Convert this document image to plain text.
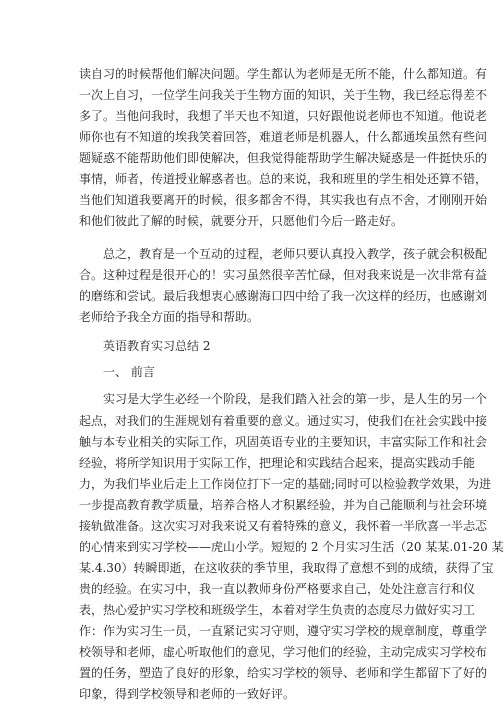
读自习的时候帮他们解决问题。学生都认为老师是无所不能，什么都知道。有
一次上自习，一位学生问我关于生物方面的知识，关于生物，我已经忘得差不
多了。当他问我时，我想了半天也不知道，只好跟他说老师也不知道。他说老
师你也有不知道的埃我笑着回答，难道老师是机器人，什么都通埃虽然有些问
题疑惑不能帮助他们即使解决，但我觉得能帮助学生解决疑惑是一件挺快乐的
事情，师者，传道授业解惑者也。总的来说，我和班里的学生相处还算不错，
当他们知道我要离开的时候，很多都舍不得，其实我也有点不舍，才刚刚开始
和他们彼此了解的时候，就要分开，只愿他们今后一路走好。
总之，教育是一个互动的过程，老师只要认真投入教学，孩子就会积极配
合。这种过程是很开心的！实习虽然很辛苦忙碌，但对我来说是一次非常有益
的磨练和尝试。最后我想衷心感谢海口四中给了我一次这样的经历，也感谢刘
老师给予我全方面的指导和帮助。
英语教育实习总结 2
一、 前言
实习是大学生必经一个阶段，是我们踏入社会的第一步，是人生的另一个
起点，对我们的生涯规划有着重要的意义。通过实习，使我们在社会实践中接
触与本专业相关的实际工作，巩固英语专业的主要知识，丰富实际工作和社会
经验，将所学知识用于实际工作，把理论和实践结合起来，提高实践动手能
力，为我们毕业后走上工作岗位打下一定的基础;同时可以检验教学效果，为进
一步提高教育教学质量，培养合格人才积累经验，并为自己能顺利与社会环境
接轨做准备。这次实习对我来说又有着特殊的意义，我怀着一半欣喜一半忐忑
的心情来到实习学校——虎山小学。短短的 2 个月实习生活（20 某某.01-20 某
某.4.30）转瞬即逝，在这收获的季节里，我取得了意想不到的成绩，获得了宝
贵的经验。在实习中，我一直以教师身份严格要求自己，处处注意言行和仪
表，热心爱护实习学校和班级学生，本着对学生负责的态度尽力做好实习工
作：作为实习生一员，一直紧记实习守则，遵守实习学校的规章制度，尊重学
校领导和老师，虚心听取他们的意见，学习他们的经验，主动完成实习学校布
置的任务，塑造了良好的形象，给实习学校的领导、老师和学生都留下了好的
印象，得到学校领导和老师的一致好评。
